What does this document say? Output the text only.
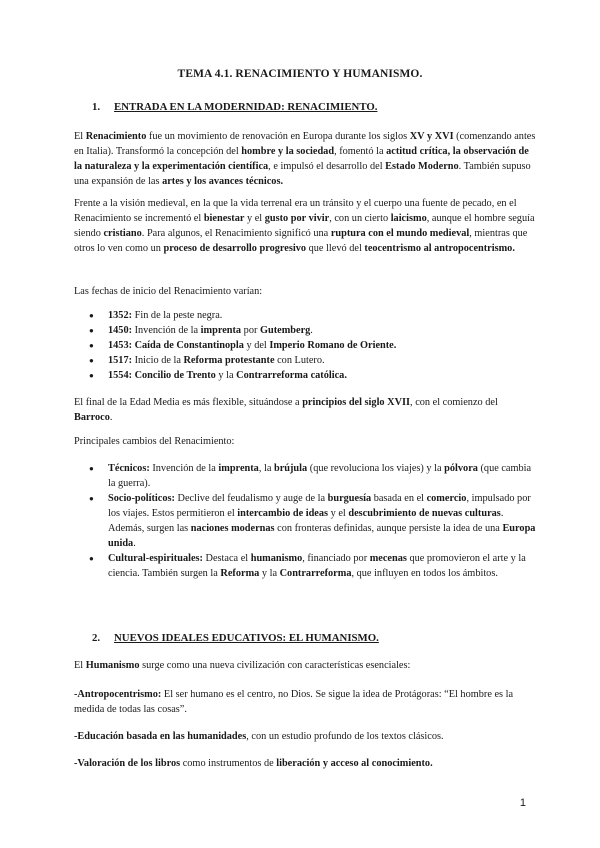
TEMA 4.1. RENACIMIENTO Y HUMANISMO.
1. ENTRADA EN LA MODERNIDAD: RENACIMIENTO.

El Renacimiento fue un movimiento de renovación en Europa durante los siglos XV y XVI (comenzando antes en Italia). Transformó la concepción del hombre y la sociedad, fomentó la actitud crítica, la observación de la naturaleza y la experimentación científica, e impulsó el desarrollo del Estado Moderno. También supuso una expansión de las artes y los avances técnicos.

Frente a la visión medieval, en la que la vida terrenal era un tránsito y el cuerpo una fuente de pecado, en el Renacimiento se incrementó el bienestar y el gusto por vivir, con un cierto laicismo, aunque el hombre seguía siendo cristiano. Para algunos, el Renacimiento significó una ruptura con el mundo medieval, mientras que otros lo ven como un proceso de desarrollo progresivo que llevó del teocentrismo al antropocentrismo.

Las fechas de inicio del Renacimiento varían:

● 1352: Fin de la peste negra.
● 1450: Invención de la imprenta por Gutemberg.
● 1453: Caída de Constantinopla y del Imperio Romano de Oriente.
● 1517: Inicio de la Reforma protestante con Lutero.
● 1554: Concilio de Trento y la Contrarreforma católica.

El final de la Edad Media es más flexible, situándose a principios del siglo XVII, con el comienzo del Barroco.

Principales cambios del Renacimiento:

● Técnicos: Invención de la imprenta, la brújula (que revoluciona los viajes) y la pólvora (que cambia la guerra).
● Socio-políticos: Declive del feudalismo y auge de la burguesía basada en el comercio, impulsado por los viajes. Estos permitieron el intercambio de ideas y el descubrimiento de nuevas culturas. Además, surgen las naciones modernas con fronteras definidas, aunque persiste la idea de una Europa unida.
● Cultural-espirituales: Destaca el humanismo, financiado por mecenas que promovieron el arte y la ciencia. También surgen la Reforma y la Contrarreforma, que influyen en todos los ámbitos.
2. NUEVOS IDEALES EDUCATIVOS: EL HUMANISMO.

El Humanismo surge como una nueva civilización con características esenciales:

-Antropocentrismo: El ser humano es el centro, no Dios. Se sigue la idea de Protágoras: “El hombre es la medida de todas las cosas”.

-Educación basada en las humanidades, con un estudio profundo de los textos clásicos.

-Valoración de los libros como instrumentos de liberación y acceso al conocimiento.

1
